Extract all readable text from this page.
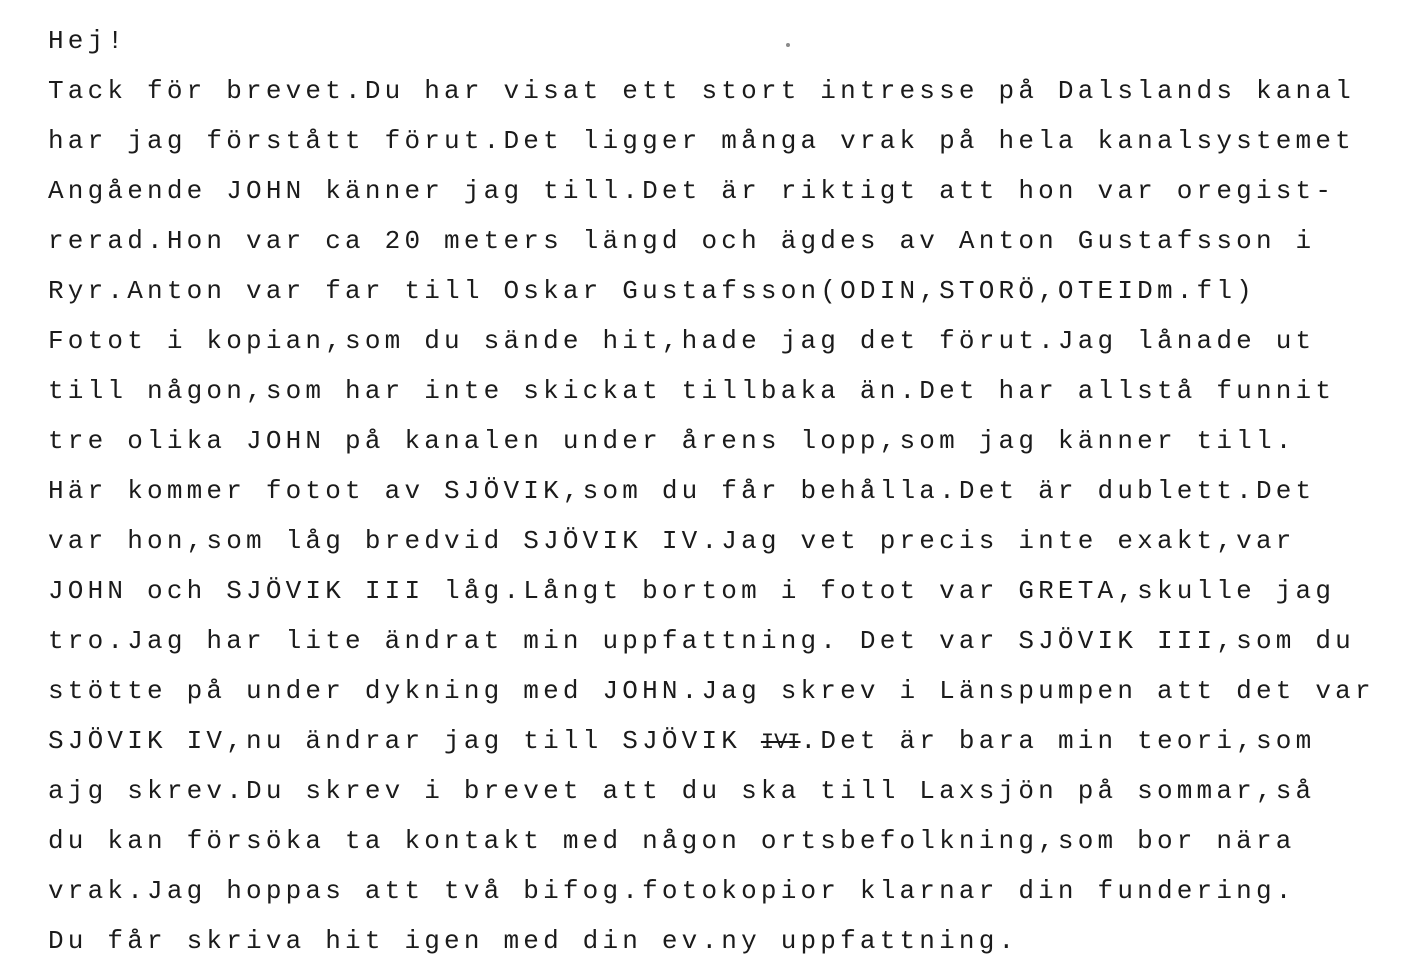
Hej!
Tack för brevet.Du har visat ett stort intresse på Dalslands kanal
har jag förstått förut.Det ligger många vrak på hela kanalsystemet
Angående JOHN känner jag till.Det är riktigt att hon var oregist-
rerad.Hon var ca 20 meters längd och ägdes av Anton Gustafsson i
Ryr.Anton var far till Oskar Gustafsson(ODIN,STORÖ,OTEIDm.fl)
Fotot i kopian,som du sände hit,hade jag det förut.Jag lånade ut
till någon,som har inte skickat tillbaka än.Det har allstå funnit
tre olika JOHN på kanalen under årens lopp,som jag känner till.
Här kommer fotot av SJÖVIK,som du får behålla.Det är dublett.Det
var hon,som låg bredvid SJÖVIK IV.Jag vet precis inte exakt,var
JOHN och SJÖVIK III låg.Långt bortom i fotot var GRETA,skulle jag
tro.Jag har lite ändrat min uppfattning. Det var SJÖVIK III,som du
stötte på under dykning med JOHN.Jag skrev i Länspumpen att det var
SJÖVIK IV,nu ändrar jag till SJÖVIK IVI.Det är bara min teori,som
ajg skrev.Du skrev i brevet att du ska till Laxsjön på sommar,så
du kan försöka ta kontakt med någon ortsbefolkning,som bor nära
vrak.Jag hoppas att två bifog.fotokopior klarnar din fundering.
Du får skriva hit igen med din ev.ny uppfattning.
